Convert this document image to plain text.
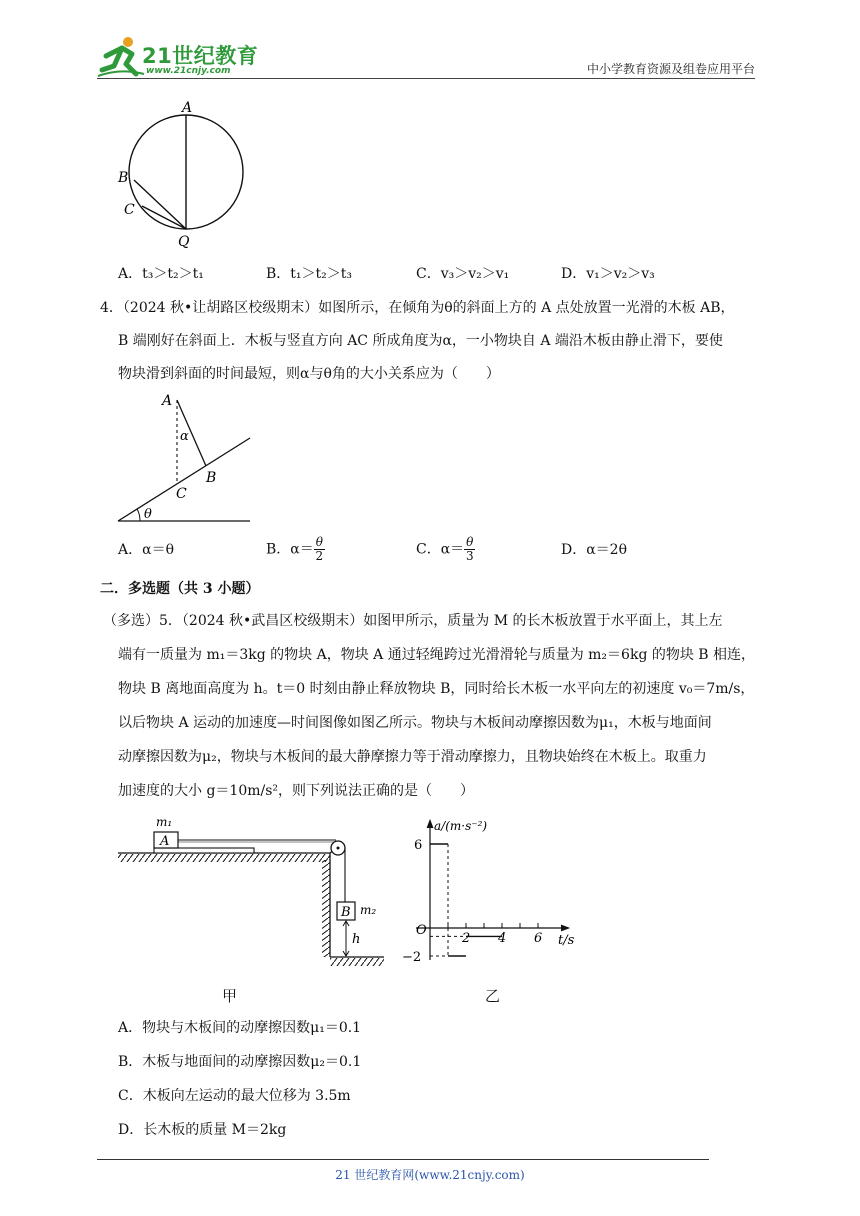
21世纪教育
www.21cnjy.com	中小学教育资源及组卷应用平台
A
B
C
Q
A．t₃＞t₂＞t₁	B．t₁＞t₂＞t₃	C．v₃＞v₂＞v₁	D．v₁＞v₂＞v₃
4．（2024 秋•让胡路区校级期末）如图所示，在倾角为θ的斜面上方的 A 点处放置一光滑的木板 AB，
B 端刚好在斜面上．木板与竖直方向 AC 所成角度为α，一小物块自 A 端沿木板由静止滑下，要使
物块滑到斜面的时间最短，则α与θ角的大小关系应为（　　）
A
α
B
C
θ
A．α＝θ	B．$\alpha= \frac{\theta}{2}$	C．$\alpha= \frac{\theta}{3}$	D．α＝2θ
二．多选题（共 3 小题）
（多选）5．（2024 秋•武昌区校级期末）如图甲所示，质量为 M 的长木板放置于水平面上，其上左
端有一质量为 m₁＝3kg 的物块 A，物块 A 通过轻绳跨过光滑滑轮与质量为 m₂＝6kg 的物块 B 相连，
物块 B 离地面高度为 h。t＝0 时刻由静止释放物块 B，同时给长木板一水平向左的初速度 v₀＝7m/s，
以后物块 A 运动的加速度—时间图像如图乙所示。物块与木板间动摩擦因数为μ₁，木板与地面间
动摩擦因数为μ₂，物块与木板间的最大静摩擦力等于滑动摩擦力，且物块始终在木板上。取重力
加速度的大小 g＝10m/s²，则下列说法正确的是（　　）
A
m₁
B m₂
h
a/(m·s⁻²)
t/s
O
2 4 6
6
−2
甲	乙
A．物块与木板间的动摩擦因数μ₁＝0.1
B．木板与地面间的动摩擦因数μ₂＝0.1
C．木板向左运动的最大位移为 3.5m
D．长木板的质量 M＝2kg
21 世纪教育网(www.21cnjy.com)
